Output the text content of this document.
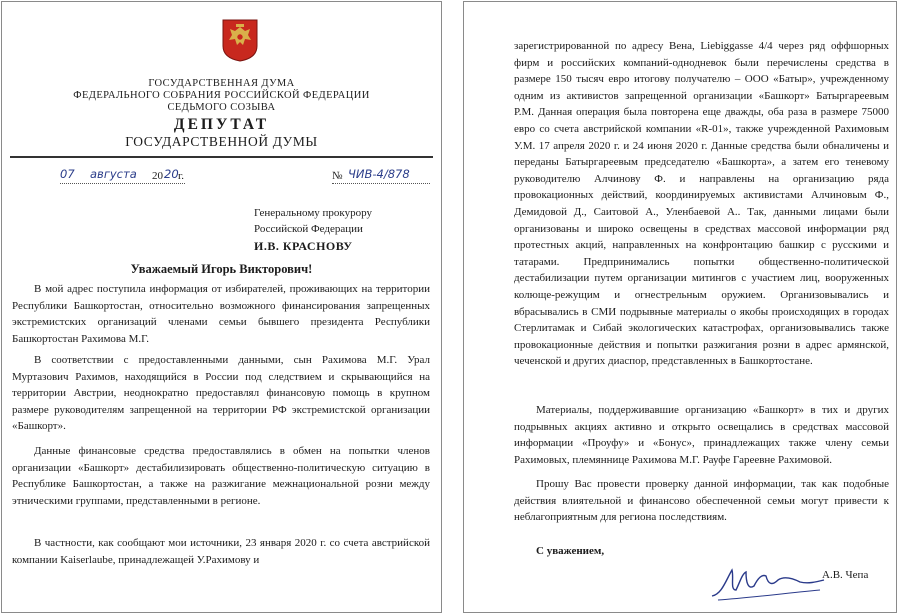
ГОСУДАРСТВЕННАЯ ДУМА
ФЕДЕРАЛЬНОГО СОБРАНИЯ РОССИЙСКОЙ ФЕДЕРАЦИИ
СЕДЬМОГО СОЗЫВА
ДЕПУТАТ
ГОСУДАРСТВЕННОЙ ДУМЫ
07 августа 20 20 г.	№ ЧИВ-4/878
Генеральному прокурору
Российской Федерации
И.В. КРАСНОВУ
Уважаемый Игорь Викторович!

В мой адрес поступила информация от избирателей, проживающих на территории Республики Башкортостан, относительно возможного финансирования запрещенных экстремистских организаций членами семьи бывшего президента Республики Башкортостан Рахимова М.Г.

В соответствии с предоставленными данными, сын Рахимова М.Г. Урал Муртазович Рахимов, находящийся в России под следствием и скрывающийся на территории Австрии, неоднократно предоставлял финансовую помощь в крупном размере руководителям запрещенной на территории РФ экстремистской организации «Башкорт».

Данные финансовые средства предоставлялись в обмен на попытки членов организации «Башкорт» дестабилизировать общественно-политическую ситуацию в Республике Башкортостан, а также на разжигание межнациональной розни между этническими группами, представленными в регионе.

В частности, как сообщают мои источники, 23 января 2020 г. со счета австрийской компании Kaiserlaube, принадлежащей У.Рахимову и

зарегистрированной по адресу Вена, Liebiggasse 4/4 через ряд оффшорных фирм и российских компаний-однодневок были перечислены средства в размере 150 тысяч евро итогову получателю – ООО «Батыр», учрежденному одним из активистов запрещенной организации «Башкорт» Батыргареевым Р.М. Данная операция была повторена еще дважды, оба раза в размере 75000 евро со счета австрийской компании «R-01», также учрежденной Рахимовым У.М. 17 апреля 2020 г. и 24 июня 2020 г. Данные средства были обналичены и переданы Батыргареевым председателю «Башкорта», а затем его теневому руководителю Алчинову Ф. и направлены на организацию ряда провокационных действий, координируемых активистами Алчиновым Ф., Демидовой Д., Саитовой А., Уленбаевой А.. Так, данными лицами были организованы и широко освещены в средствах массовой информации ряд протестных акций, направленных на конфронтацию башкир с русскими и татарами. Предпринимались попытки общественно-политической дестабилизации путем организации митингов с участием лиц, вооруженных колюще-режущим и огнестрельным оружием. Организовывались и вбрасывались в СМИ подрывные материалы о якобы происходящих в городах Стерлитамак и Сибай экологических катастрофах, организовывались также провокационные действия и попытки разжигания розни в адрес армянской, чеченской и других диаспор, представленных в Башкортостане.

Материалы, поддерживавшие организацию «Башкорт» в тих и других подрывных акциях активно и открыто освещались в средствах массовой информации «Проуфу» и «Бонус», принадлежащих также члену семьи Рахимовых, племяннице Рахимова М.Г. Рауфе Гареевне Рахимовой.

Прошу Вас провести проверку данной информации, так как подобные действия влиятельной и финансово обеспеченной семьи могут привести к неблагоприятным для региона последствиям.

С уважением,
А.В. Чепа
